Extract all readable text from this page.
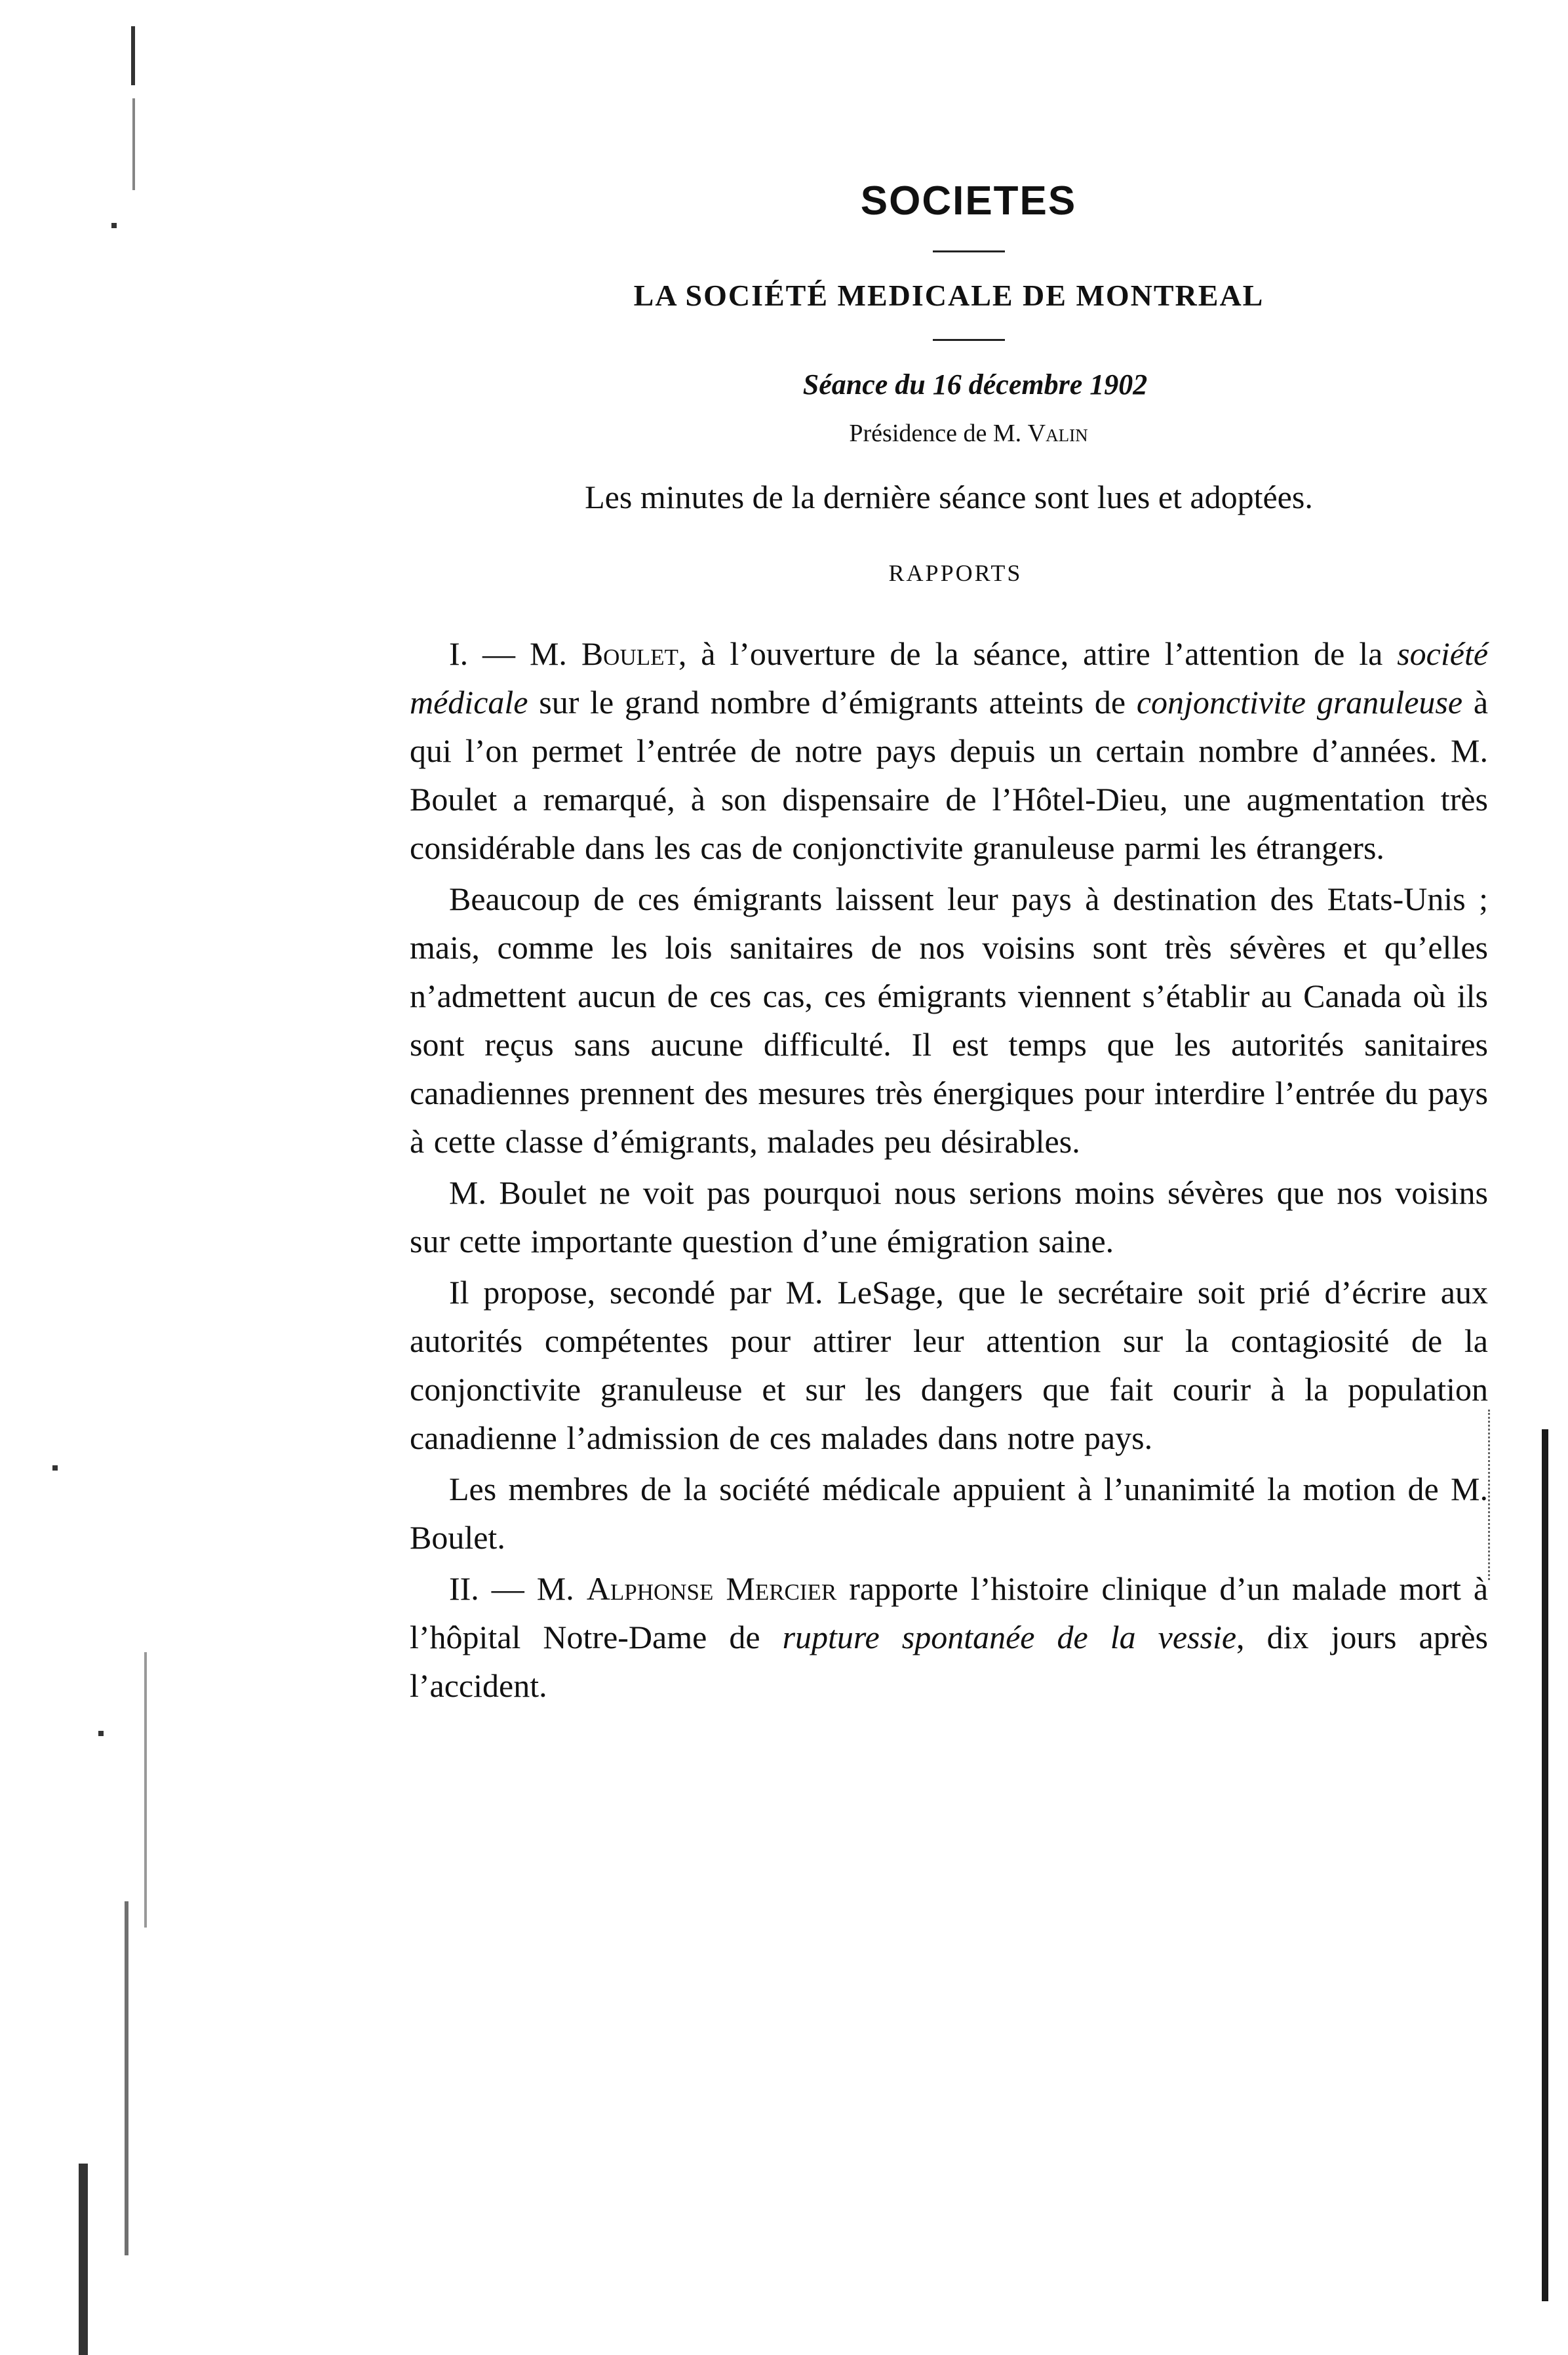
SOCIETES
LA SOCIÉTÉ MEDICALE DE MONTREAL
Séance du 16 décembre 1902
Présidence de M. Valin

Les minutes de la dernière séance sont lues et adoptées.

RAPPORTS

I. — M. Boulet, à l’ouverture de la séance, attire l’attention de la société médicale sur le grand nombre d’émigrants atteints de conjonctivite granuleuse à qui l’on permet l’entrée de notre pays depuis un certain nombre d’années. M. Boulet a remarqué, à son dispensaire de l’Hôtel-Dieu, une augmentation très considérable dans les cas de conjonctivite granuleuse parmi les étrangers.

Beaucoup de ces émigrants laissent leur pays à destination des Etats-Unis ; mais, comme les lois sanitaires de nos voisins sont très sévères et qu’elles n’admettent aucun de ces cas, ces émigrants viennent s’établir au Canada où ils sont reçus sans aucune difficulté. Il est temps que les autorités sanitaires canadiennes prennent des mesures très énergiques pour interdire l’entrée du pays à cette classe d’émigrants, malades peu désirables.

M. Boulet ne voit pas pourquoi nous serions moins sévères que nos voisins sur cette importante question d’une émigration saine.

Il propose, secondé par M. LeSage, que le secrétaire soit prié d’écrire aux autorités compétentes pour attirer leur attention sur la contagiosité de la conjonctivite granuleuse et sur les dangers que fait courir à la population canadienne l’admission de ces malades dans notre pays.

Les membres de la société médicale appuient à l’unanimité la motion de M. Boulet.

II. — M. Alphonse Mercier rapporte l’histoire clinique d’un malade mort à l’hôpital Notre-Dame de rupture spontanée de la vessie, dix jours après l’accident.
